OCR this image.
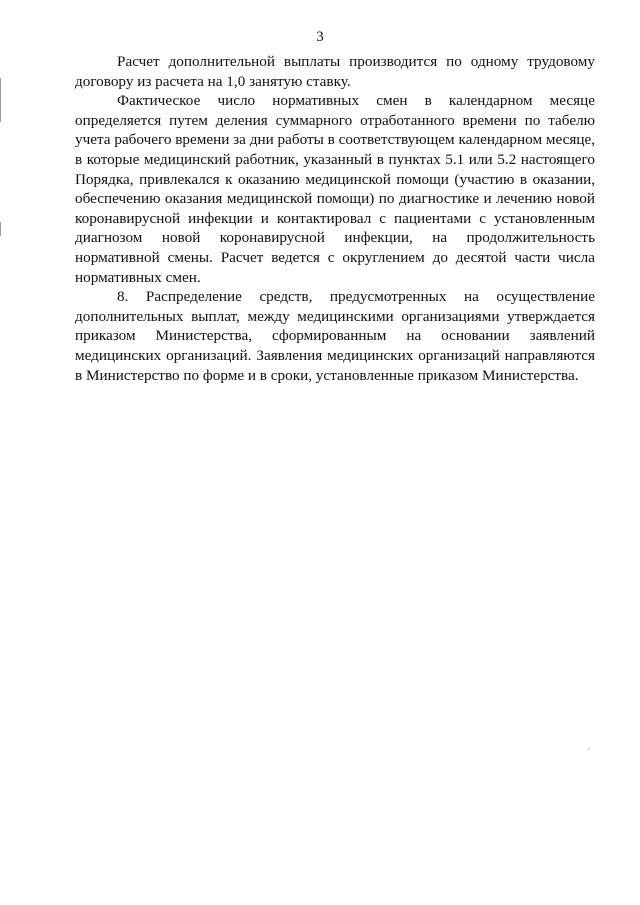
3

Расчет дополнительной выплаты производится по одному трудовому договору из расчета на 1,0 занятую ставку.

Фактическое число нормативных смен в календарном месяце определяется путем деления суммарного отработанного времени по табелю учета рабочего времени за дни работы в соответствующем календарном месяце, в которые медицинский работник, указанный в пунктах 5.1 или 5.2 настоящего Порядка, привлекался к оказанию медицинской помощи (участию в оказании, обеспечению оказания медицинской помощи) по диагностике и лечению новой коронавирусной инфекции и контактировал с пациентами с установленным диагнозом новой коронавирусной инфекции, на продолжительность нормативной смены. Расчет ведется с округлением до десятой части числа нормативных смен.

8. Распределение средств, предусмотренных на осуществление дополнительных выплат, между медицинскими организациями утверждается приказом Министерства, сформированным на основании заявлений медицинских организаций. Заявления медицинских организаций направляются в Министерство по форме и в сроки, установленные приказом Министерства.
